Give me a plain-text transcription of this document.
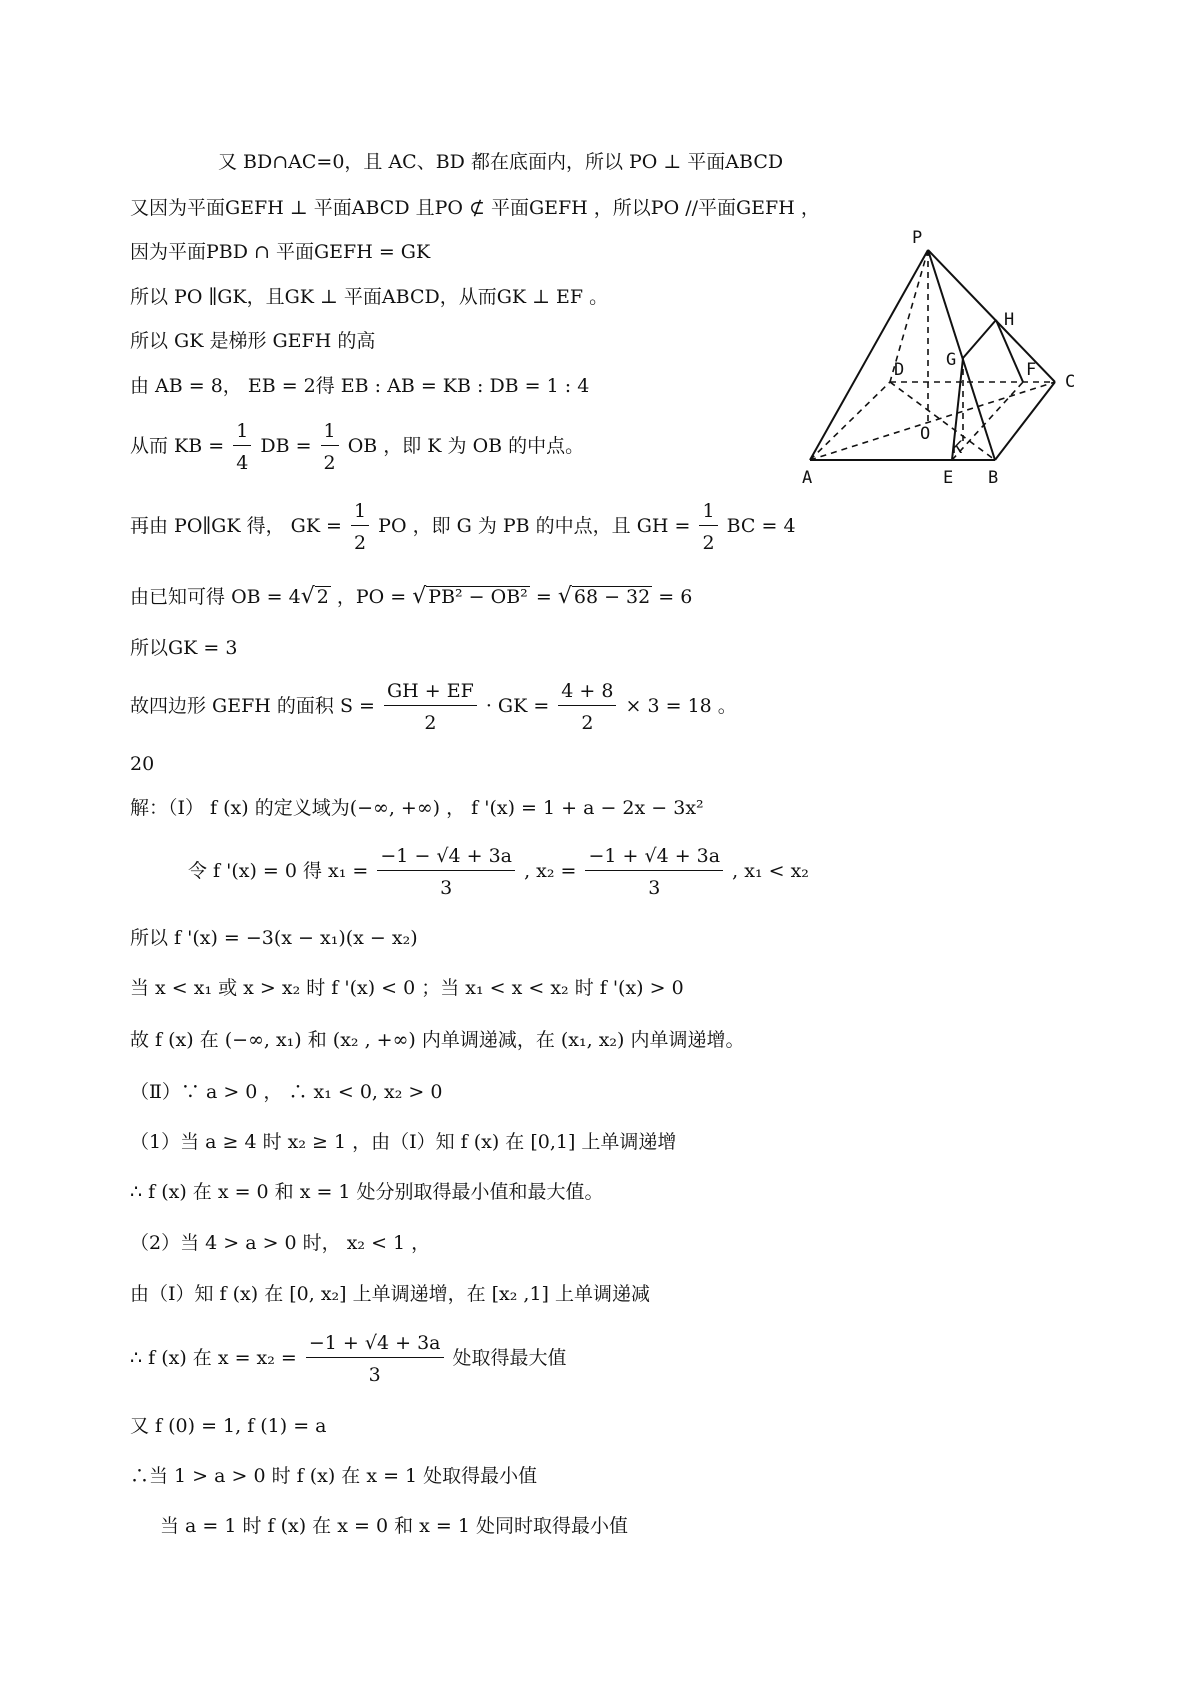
又 BD∩AC=0，且 AC、BD 都在底面内，所以 PO ⊥ 平面ABCD
又因为平面GEFH ⊥ 平面ABCD 且PO ⊄ 平面GEFH ，所以PO //平面GEFH ，
因为平面PBD ∩ 平面GEFH = GK
所以 PO ∥GK，且GK ⊥ 平面ABCD，从而GK ⊥ EF 。
所以 GK 是梯形 GEFH 的高
由 AB = 8， EB = 2得 EB : AB = KB : DB = 1 : 4
从而 KB = $\frac{1}{4}$ DB = $\frac{1}{2}$ OB ，即 K 为 OB 的中点。
再由 PO∥GK 得， GK = $\frac{1}{2}$ PO ，即 G 为 PB 的中点，且 GH = $\frac{1}{2}$ BC = 4
由已知可得 OB = 4√ 2 ，PO = √ PB² − OB² = √ 68 − 32 = 6
所以GK = 3
故四边形 GEFH 的面积 $S = \frac{GH + EF}{2}$ · GK = $\frac{4 + 8}{2} \times 3 = 18$ 。
20
解：（Ⅰ） f (x) 的定义域为(−∞, +∞) ， f '(x) = 1 + a − 2x − 3x²
令 f '(x) = 0 得 $x_1 = \frac{-1 - √4 + 3a}{3}$ , $x_2 = \frac{-1 + √4 + 3a}{3}$ , x₁ < x₂
所以 f '(x) = −3(x − x₁)(x − x₂)
当 x < x₁ 或 x > x₂ 时 f '(x) < 0 ；当 x₁ < x < x₂ 时 f '(x) > 0
故 f (x) 在 (−∞, x₁) 和 (x₂ , +∞) 内单调递减，在 (x₁, x₂) 内单调递增。
（Ⅱ）∵ a > 0 ， ∴ x₁ < 0, x₂ > 0
（1）当 a ≥ 4 时 x₂ ≥ 1 ，由（Ⅰ）知 f (x) 在 [0,1] 上单调递增
∴ f (x) 在 x = 0 和 x = 1 处分别取得最小值和最大值。
（2）当 4 > a > 0 时， x₂ < 1 ，
由（Ⅰ）知 f (x) 在 [0, x₂] 上单调递增，在 [x₂ ,1] 上单调递减
∴ f (x) 在 $x = x_2 = \frac{-1 + √4 + 3a}{3}$ 处取得最大值
又 f (0) = 1, f (1) = a
∴当 1 > a > 0 时 f (x) 在 x = 1 处取得最小值
当 a = 1 时 f (x) 在 x = 0 和 x = 1 处同时取得最小值
P
H
G
D	F
C
O
K
A	E B
